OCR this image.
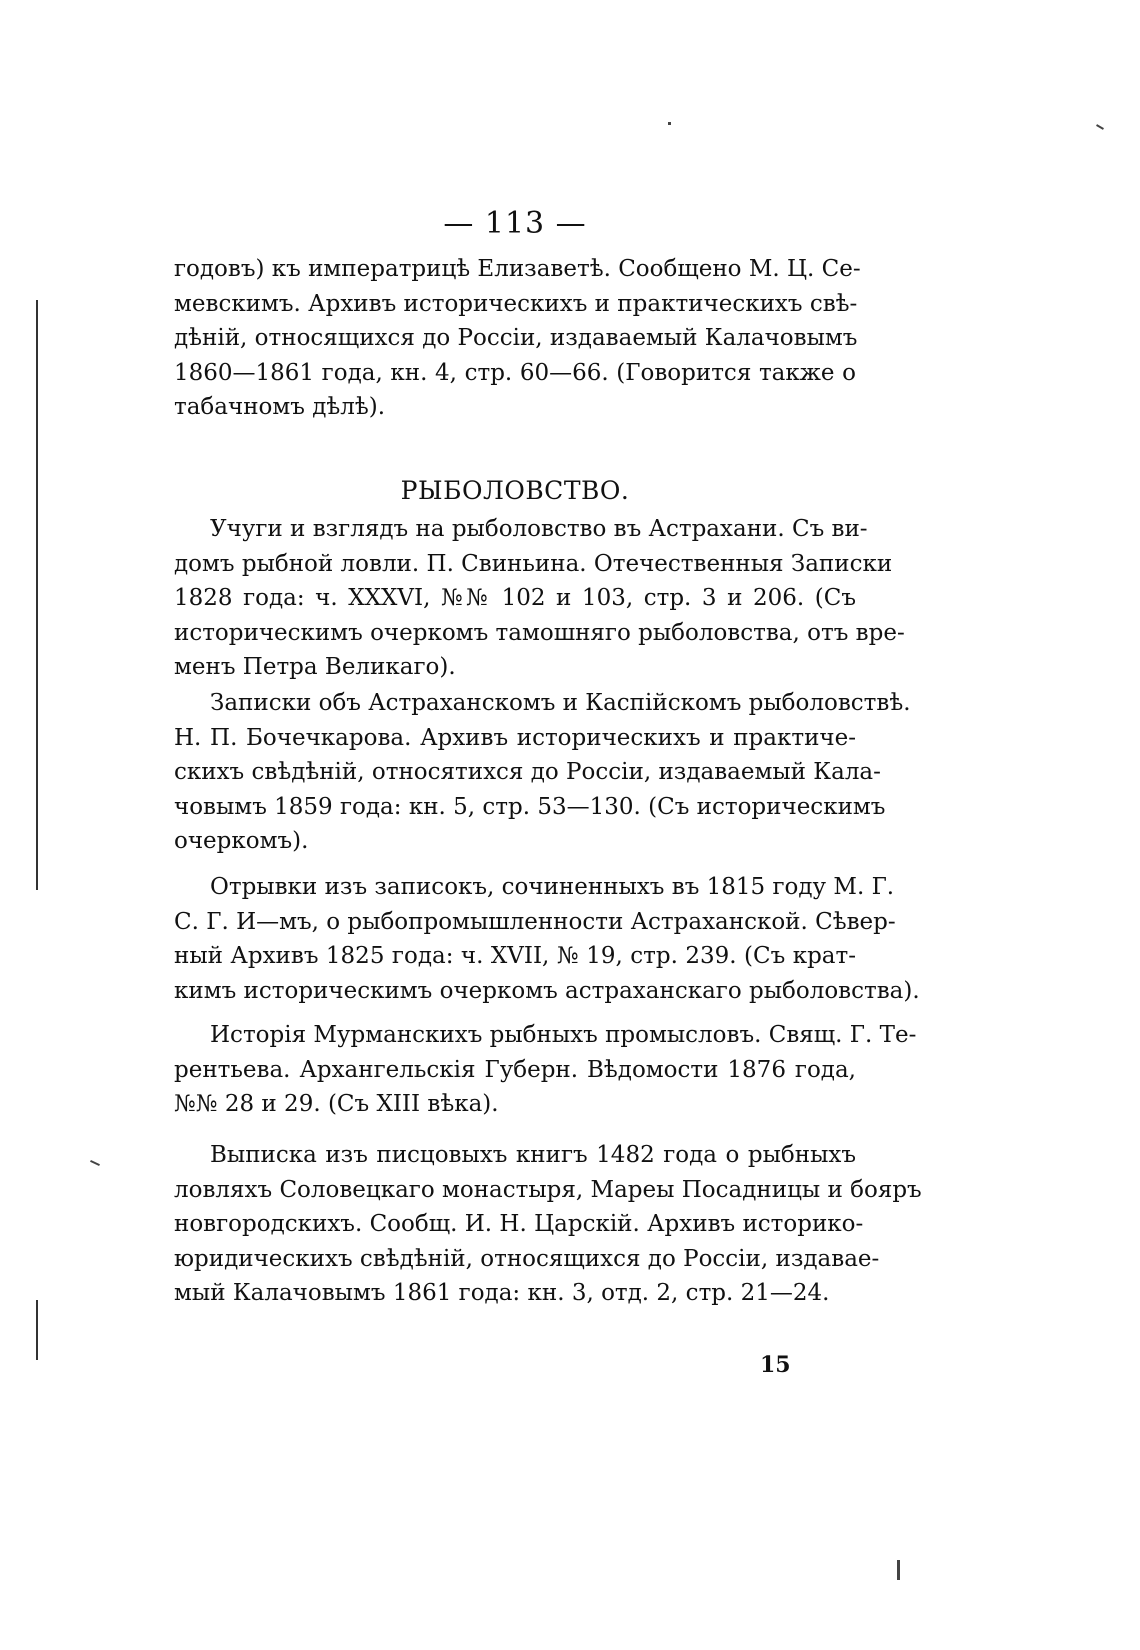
— 113 —
годовъ) къ императрицѣ Елизаветѣ. Сообщено М. Ц. Се-
мевскимъ. Архивъ историческихъ и практическихъ свѣ-
дѣній, относящихся до Россіи, издаваемый Калачовымъ
1860—1861 года, кн. 4, стр. 60—66. (Говорится также о
табачномъ дѣлѣ).
РЫБОЛОВСТВО.
Учуги и взглядъ на рыболовство въ Астрахани. Съ ви-
домъ рыбной ловли. П. Свиньина. Отечественныя Записки
1828 года: ч. XXXVI, №№ 102 и 103, стр. 3 и 206. (Съ
историческимъ очеркомъ тамошняго рыболовства, отъ вре-
менъ Петра Великаго).
Записки объ Астраханскомъ и Каспійскомъ рыболовствѣ.
Н. П. Бочечкарова. Архивъ историческихъ и практиче-
скихъ свѣдѣній, относятихся до Россіи, издаваемый Кала-
човымъ 1859 года: кн. 5, стр. 53—130. (Съ историческимъ
очеркомъ).
Отрывки изъ записокъ, сочиненныхъ въ 1815 году М. Г.
С. Г. И—мъ, о рыбопромышленности Астраханской. Сѣвер-
ный Архивъ 1825 года: ч. XVII, № 19, стр. 239. (Съ крат-
кимъ историческимъ очеркомъ астраханскаго рыболовства).
Исторія Мурманскихъ рыбныхъ промысловъ. Свящ. Г. Те-
рентьева. Архангельскія Губерн. Вѣдомости 1876 года,
№№ 28 и 29. (Съ XIII вѣка).
Выписка изъ писцовыхъ книгъ 1482 года о рыбныхъ
ловляхъ Соловецкаго монастыря, Мареы Посадницы и бояръ
новгородскихъ. Сообщ. И. Н. Царскій. Архивъ историко-
юридическихъ свѣдѣній, относящихся до Россіи, издавае-
мый Калачовымъ 1861 года: кн. 3, отд. 2, стр. 21—24.
15
